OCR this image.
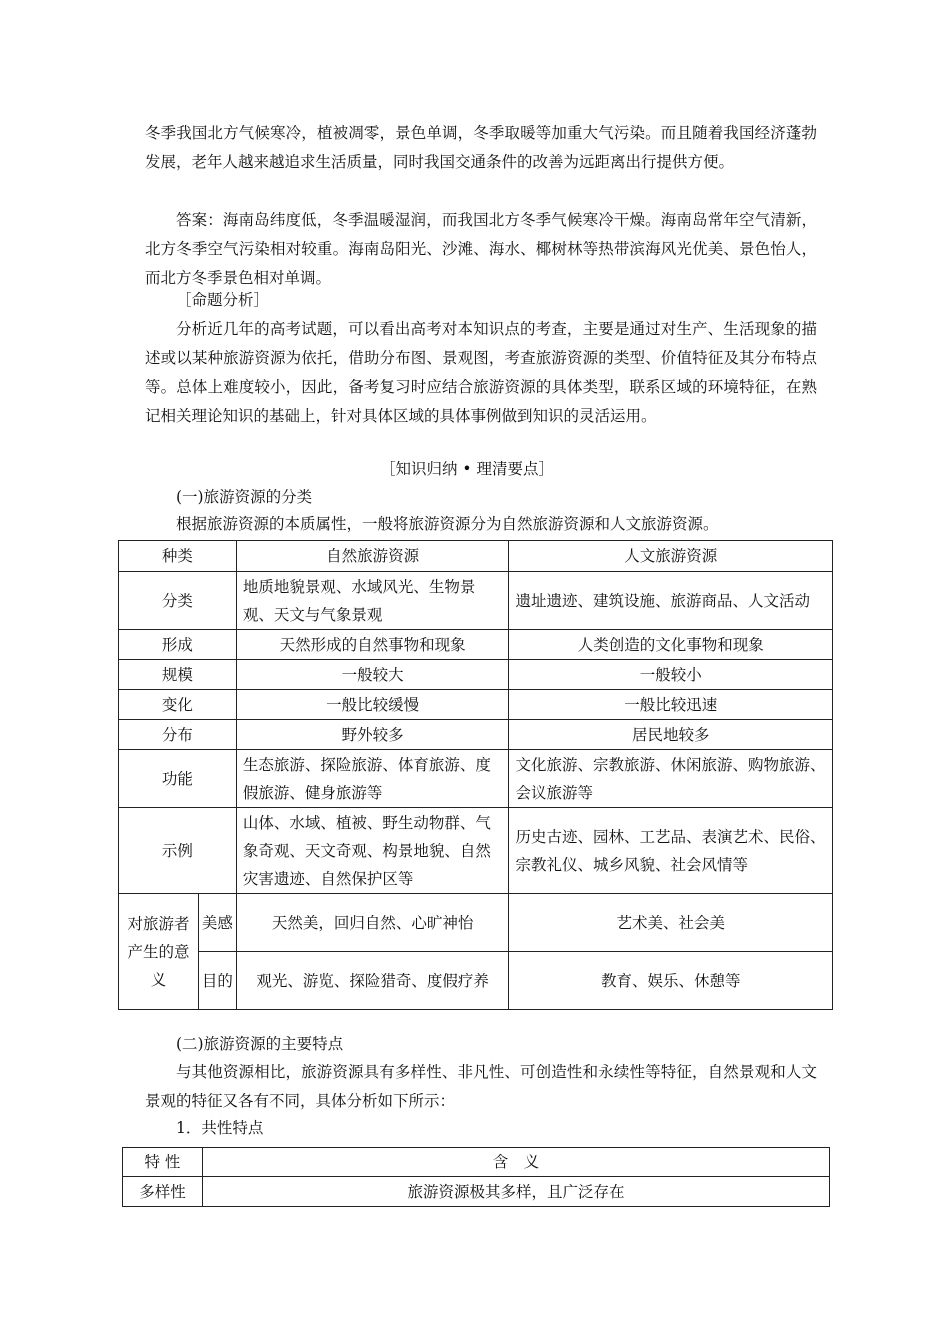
冬季我国北方气候寒冷，植被凋零，景色单调，冬季取暖等加重大气污染。而且随着我国经济蓬勃发展，老年人越来越追求生活质量，同时我国交通条件的改善为远距离出行提供方便。

答案：海南岛纬度低，冬季温暖湿润，而我国北方冬季气候寒冷干燥。海南岛常年空气清新，北方冬季空气污染相对较重。海南岛阳光、沙滩、海水、椰树林等热带滨海风光优美、景色怡人，而北方冬季景色相对单调。

［命题分析］

分析近几年的高考试题，可以看出高考对本知识点的考查，主要是通过对生产、生活现象的描述或以某种旅游资源为依托，借助分布图、景观图，考查旅游资源的类型、价值特征及其分布特点等。总体上难度较小，因此，备考复习时应结合旅游资源的具体类型，联系区域的环境特征，在熟记相关理论知识的基础上，针对具体区域的具体事例做到知识的灵活运用。

［知识归纳 • 理清要点］

(一)旅游资源的分类

根据旅游资源的本质属性，一般将旅游资源分为自然旅游资源和人文旅游资源。

种类		自然旅游资源	人文旅游资源
分类		地质地貌景观、水域风光、生物景观、天文与气象景观	遗址遗迹、建筑设施、旅游商品、人文活动
形成		天然形成的自然事物和现象	人类创造的文化事物和现象
规模		一般较大	一般较小
变化		一般比较缓慢	一般比较迅速
分布		野外较多	居民地较多
功能		生态旅游、探险旅游、体育旅游、度假旅游、健身旅游等	文化旅游、宗教旅游、休闲旅游、购物旅游、会议旅游等
示例		山体、水域、植被、野生动物群、气象奇观、天文奇观、构景地貌、自然灾害遗迹、自然保护区等	历史古迹、园林、工艺品、表演艺术、民俗、宗教礼仪、城乡风貌、社会风情等
对旅游者产生的意义	美感	天然美，回归自然、心旷神怡	艺术美、社会美
	目的	观光、游览、探险猎奇、度假疗养	教育、娱乐、休憩等

(二)旅游资源的主要特点

与其他资源相比，旅游资源具有多样性、非凡性、可创造性和永续性等特征，自然景观和人文景观的特征又各有不同，具体分析如下所示：

1．共性特点

特 性	含　义
多样性	旅游资源极其多样，且广泛存在
